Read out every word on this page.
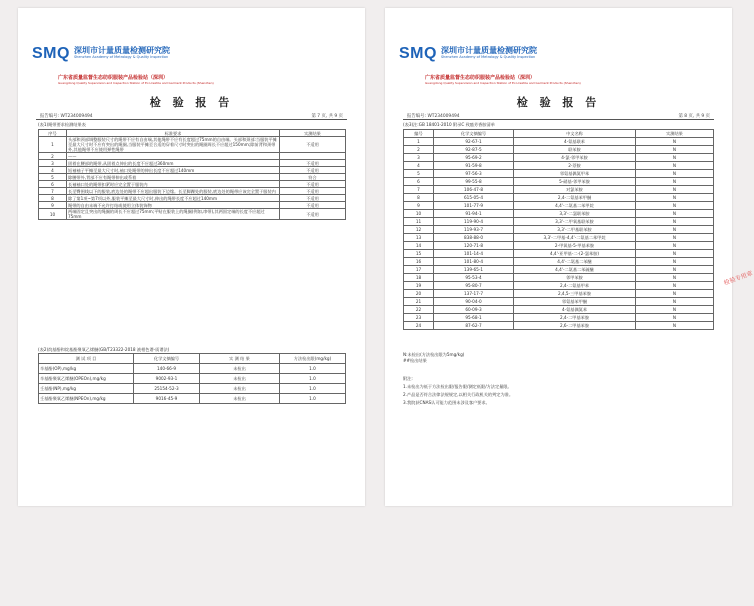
SMQ 深圳市计量质量检测研究院
Shenzhen Academy of Metrology & Quality Inspection
广东省质量监督生态纺织服装产品检验站（深圳）
Guangdong Quality Supervision and Inspection Station of Eco-textile and Garment Products (Shenzhen)
检 验 报 告
报告编号: WT234009494	第 7 页, 共 9 页
(表1)绳带要求检测结果表
序号	标准要求	实测结果
1	头部和颈部调整服装尺寸的绳带不应有自由端,其他绳带不应有长度超过75mm的自由端。头部和颈部:当服装平摊至最大尺寸时不应有突出的绳圈,当服装平摊至合适的穿着尺寸时突出的绳圈周长不应超过150mm;除前背和颈带外,其他绳带不应使用弹性绳带	不适用
2	——	
3	固着在腰部的绳带,从固着点伸出的长度不应超过360mm	不适用
4	短袖袖子平摊至最大尺寸时,袖口处绳带的伸出长度不应超过140mm	不适用
5	除腰带外,背部不应有绳带伸出或系着	符合
6	长袖袖口处的绳带扣紧时应完全置于服装内	不适用
7	长至臀围线以下的服装,底边处的绳带不应超出服装下边缘。长至脚踝处的服装,底边处的绳带应该完全置于服装内	不适用
8	除了第1项~第7项以外,服装平摊至最大尺寸时,伸出的绳带长度不应超过140mm	不适用
9	绳带的自由末端不允许打结或使用立体装饰物	不适用
10	两端固定且突出的绳圈的周长不应超过75mm;平贴在服装上的绳圈(例如,串带),其两固定端的长度不应超过75mm	不适用
(表2)烷基酚和烷基酚聚氧乙烯醚(GB/T23322-2018 液相色谱-质谱法)
测 试 项 目	化学文摘编号	实 测 结 果	方法检出限(mg/kg)
辛基酚(OP),mg/kg	140-66-9	未检出	1.0
辛基酚聚氧乙烯醚(OPEOn),mg/kg	9002-93-1	未检出	1.0
壬基酚(NP),mg/kg	25154-52-3	未检出	1.0
壬基酚聚氧乙烯醚(NPEOn),mg/kg	9016-45-9	未检出	1.0
SMQ 深圳市计量质量检测研究院
Shenzhen Academy of Metrology & Quality Inspection
广东省质量监督生态纺织服装产品检验站（深圳）
Guangdong Quality Supervision and Inspection Station of Eco-textile and Garment Products (Shenzhen)
检 验 报 告
报告编号: WT234009494	第 8 页, 共 9 页
(表3)注:GB 18401-2010 附录C 致癌芳香胺清单
编号	化学文摘编号	中文名称	实测结果
1	92-67-1	4-氨基联苯	N
2	92-87-5	联苯胺	N
3	95-69-2	4-氯-邻甲苯胺	N
4	91-59-8	2-萘胺	N
5	97-56-3	邻氨基偶氮甲苯	N
6	99-55-8	5-硝基-邻甲苯胺	N
7	106-47-8	对氯苯胺	N
8	615-05-4	2,4-二氨基苯甲醚	N
9	101-77-9	4,4'-二氨基二苯甲烷	N
10	91-94-1	3,3'-二氯联苯胺	N
11	119-90-4	3,3'-二甲氧基联苯胺	N
12	119-93-7	3,3'-二甲基联苯胺	N
13	838-88-0	3,3'-二甲基-4,4'-二氨基二苯甲烷	N
14	120-71-8	2-甲氧基-5-甲基苯胺	N
15	101-14-4	4,4'-亚甲基-二-(2-氯苯胺)	N
16	101-80-4	4,4'-二氨基二苯醚	N
17	139-65-1	4,4'-二氨基二苯硫醚	N
18	95-53-4	邻甲苯胺	N
19	95-80-7	2,4-二氨基甲苯	N
20	137-17-7	2,4,5-三甲基苯胺	N
21	90-04-0	邻氨基苯甲醚	N
22	60-09-3	4-氨基偶氮苯	N
23	95-68-1	2,4-二甲基苯胺	N
24	87-62-7	2,6-二甲基苯胺	N
N:未检出(方法检出限为5mg/kg)
##检出结果
附注:
1.未检出为低于方法检出限/报告限/测定低限/方法定量限。
2.产品是否符合法律法规规定,以相关行政机关的判定为准。
3.我院获CNAS认可能力范围未涉及客户要求。
检验专用章
